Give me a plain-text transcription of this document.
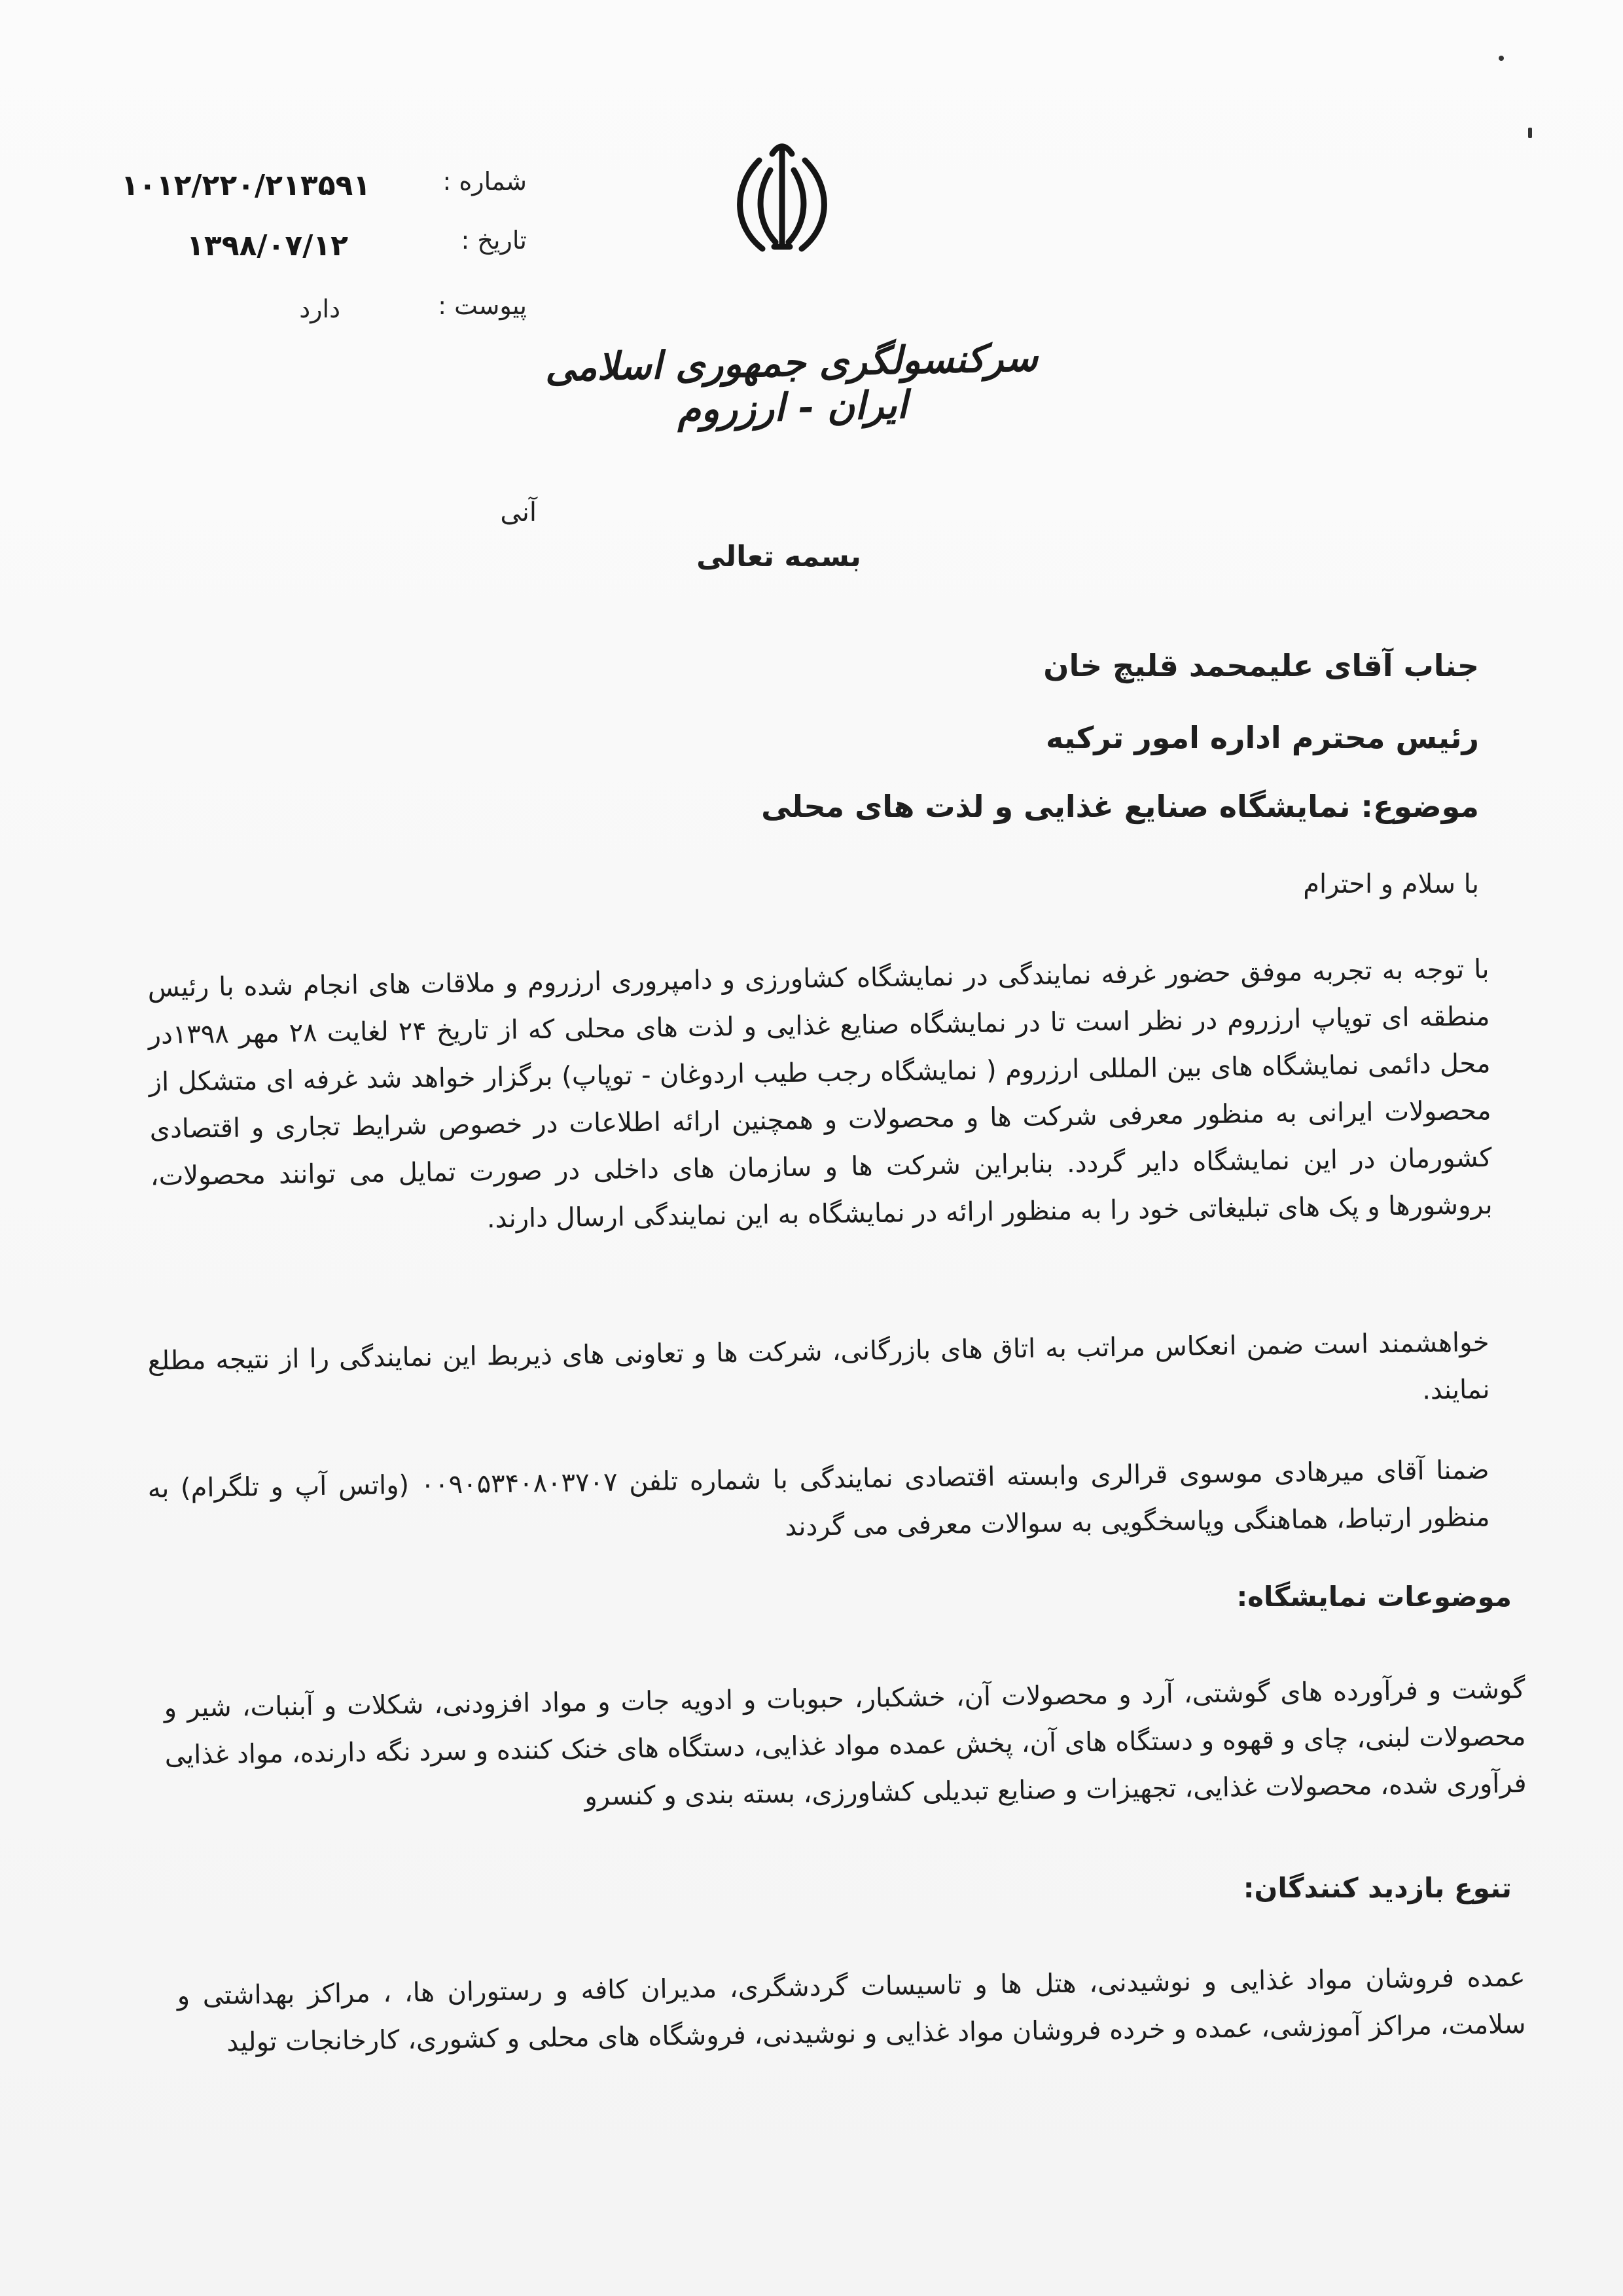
شماره :
۱۰۱۲/۲۲۰/۲۱۳۵۹۱
تاریخ :
۱۳۹۸/۰۷/۱۲
پیوست :
دارد
سرکنسولگری جمهوری اسلامی ایران - ارزروم
آنی
بسمه تعالی
جناب آقای علیمحمد قلیچ خان
رئیس محترم اداره امور ترکیه
موضوع: نمایشگاه صنایع غذایی و لذت های محلی
با سلام و احترام
با توجه به تجربه موفق حضور غرفه نمایندگی در نمایشگاه کشاورزی و دامپروری ارزروم و ملاقات های انجام شده با رئیس منطقه ای توپاپ ارزروم در نظر است تا در نمایشگاه صنایع غذایی و لذت های محلی که از تاریخ ۲۴ لغایت ۲۸ مهر ۱۳۹۸در محل دائمی نمایشگاه های بین المللی ارزروم ( نمایشگاه رجب طیب اردوغان - توپاپ) برگزار خواهد شد غرفه ای متشکل از محصولات ایرانی به منظور معرفی شرکت ها و محصولات و همچنین ارائه اطلاعات در خصوص شرایط تجاری و اقتصادی کشورمان در این نمایشگاه دایر گردد. بنابراین شرکت ها و سازمان های داخلی در صورت تمایل می توانند محصولات، بروشورها و پک های تبلیغاتی خود را به منظور ارائه در نمایشگاه به این نمایندگی ارسال دارند.
خواهشمند است ضمن انعکاس مراتب به اتاق های بازرگانی، شرکت ها و تعاونی های ذیربط این نمایندگی را از نتیجه مطلع نمایند.
ضمنا آقای میرهادی موسوی قرالری وابسته اقتصادی نمایندگی با شماره تلفن ۰۰۹۰۵۳۴۰۸۰۳۷۰۷ (واتس آپ و تلگرام) به منظور ارتباط، هماهنگی وپاسخگویی به سوالات معرفی می گردند
موضوعات نمایشگاه:
گوشت و فرآورده های گوشتی، آرد و محصولات آن، خشکبار، حبوبات و ادویه جات و مواد افزودنی، شکلات و آبنبات، شیر و محصولات لبنی، چای و قهوه و دستگاه های آن، پخش عمده مواد غذایی، دستگاه های خنک کننده و سرد نگه دارنده، مواد غذایی فرآوری شده، محصولات غذایی، تجهیزات و صنایع تبدیلی کشاورزی، بسته بندی و کنسرو
تنوع بازدید کنندگان:
عمده فروشان مواد غذایی و نوشیدنی، هتل ها و تاسیسات گردشگری، مدیران کافه و رستوران ها، ، مراکز بهداشتی و سلامت، مراکز آموزشی، عمده و خرده فروشان مواد غذایی و نوشیدنی، فروشگاه های محلی و کشوری، کارخانجات تولید
